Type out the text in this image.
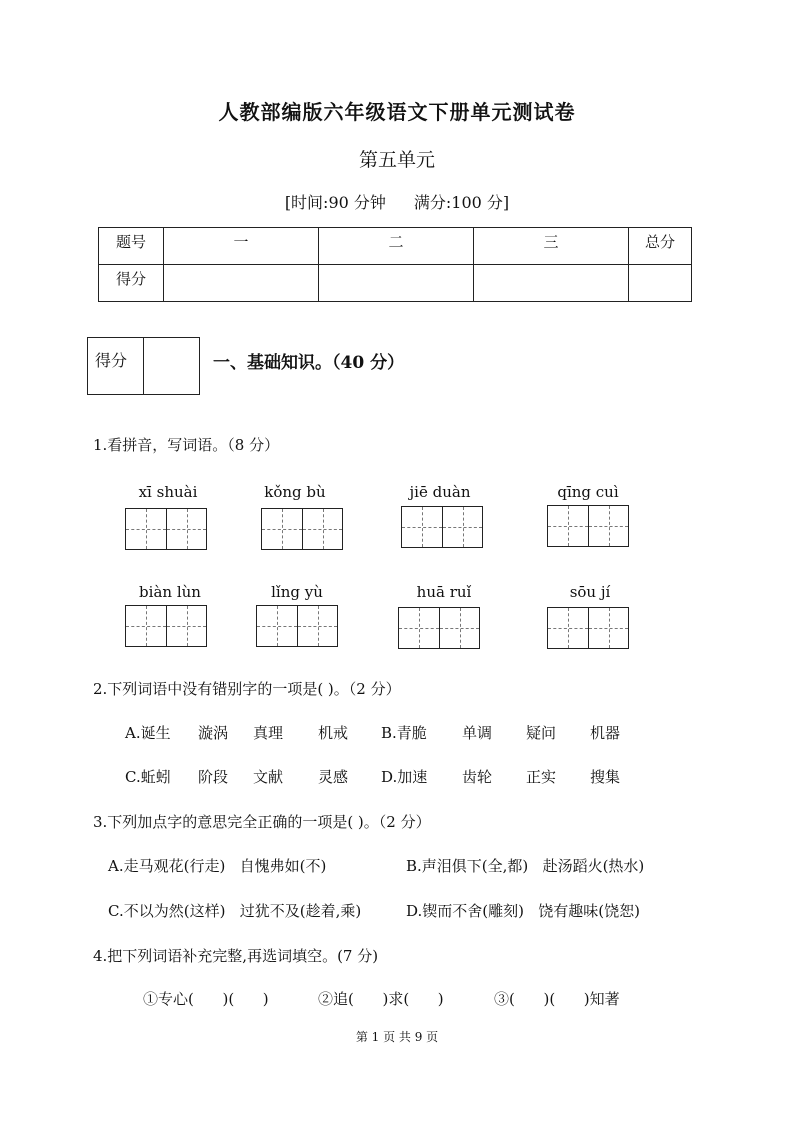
人教部编版六年级语文下册单元测试卷
第五单元
[时间:90 分钟 满分:100 分]
题号	一	二	三	总分

得分				

得分	一、基础知识。（40 分）
1.看拼音，写词语。（8 分）
xī shuài	kǒng bù	jiē duàn	qīng cuì
biàn lùn	lǐng yù	huā ruǐ	sōu jí
2.下列词语中没有错别字的一项是( )。（2 分）
A.诞生 漩涡 真理 机戒 B.青脆 单调 疑问 机器
C.蚯蚓 阶段 文献 灵感 D.加速 齿轮 正实 搜集
3.下列加点字的意思完全正确的一项是( )。（2 分）
A.走马观花(行走)   自愧弗如(不)	B.声泪俱下(全,都)   赴汤蹈火(热水)
C.不以为然(这样)   过犹不及(趁着,乘)	D.锲而不舍(雕刻)   饶有趣味(饶恕)
4.把下列词语补充完整,再选词填空。(7 分)
①专心(      )(      )	②追(      )求(      )	③(      )(      )知著
第 1 页 共 9 页
